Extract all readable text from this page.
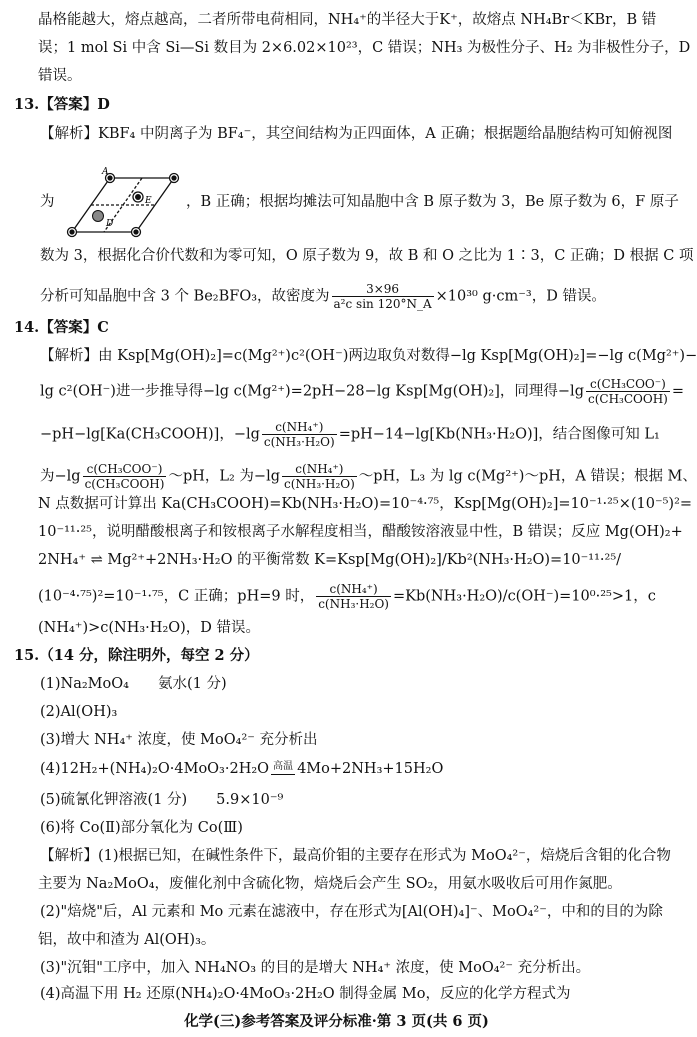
晶格能越大，熔点越高，二者所带电荷相同，NH₄⁺的半径大于K⁺，故熔点 NH₄Br＜KBr，B 错
误；1 mol Si 中含 Si—Si 数目为 2×6.02×10²³，C 错误；NH₃ 为极性分子、H₂ 为非极性分子，D
错误。
13.【答案】D
【解析】KBF₄ 中阴离子为 BF₄⁻，其空间结构为正四面体，A 正确；根据题给晶胞结构可知俯视图
为
A
E
D
，B 正确；根据均摊法可知晶胞中含 B 原子数为 3，Be 原子数为 6，F 原子
数为 3，根据化合价代数和为零可知，O 原子数为 9，故 B 和 O 之比为 1∶3，C 正确；D 根据 C 项
分析可知晶胞中含 3 个 Be₂BFO₃，故密度为 $\frac{3\times 96}{\text{a²c sin 120°N\_A}} \times 10^{30}$ g·cm⁻³，D 错误。
14.【答案】C
【解析】由 Ksp[Mg(OH)₂]=c(Mg²⁺)c²(OH⁻)两边取负对数得−lg Ksp[Mg(OH)₂]=−lg c(Mg²⁺)−
lg c²(OH⁻)进一步推导得−lg c(Mg²⁺)=2pH−28−lg Ksp[Mg(OH)₂]，同理得−lg c(CH₃COO⁻)
c(CH₃COOH) =
−pH−lg[Ka(CH₃COOH)]，$-\lg \frac{\text{c(NH₄⁺)}}{\text{c(NH₃·H₂O)}} =pH-14-\lg[Kb(NH_3\cdot H_2O)]$，结合图像可知 L₁
为−lg c(CH₃COO⁻)
c(CH₃COOH) ～pH，L₂ 为$-\lg \frac{\text{c(NH₄⁺)}}{\text{c(NH₃·H₂O)}}$ ～pH，L₃ 为 lg c(Mg²⁺)～pH，A 错误；根据 M、
N 点数据可计算出 Ka(CH₃COOH)=Kb(NH₃·H₂O)=10⁻⁴·⁷⁵，Ksp[Mg(OH)₂]=10⁻¹·²⁵×(10⁻⁵)²=
10⁻¹¹·²⁵，说明醋酸根离子和铵根离子水解程度相当，醋酸铵溶液显中性，B 错误；反应 Mg(OH)₂+
2NH₄⁺ ⇌ Mg²⁺+2NH₃·H₂O 的平衡常数 K=Ksp[Mg(OH)₂]/Kb²(NH₃·H₂O)=10⁻¹¹·²⁵/
(10⁻⁴·⁷⁵)²=10⁻¹·⁷⁵，C 正确；pH=9 时， $\frac{\text{c(NH₄⁺)}}{\text{c(NH₃·H₂O)}} =Kb(NH_3\cdot H_2O)/c(OH^-)=10^0\cdot^{25}>1$，c
(NH₄⁺)>c(NH₃·H₂O)，D 错误。
15.（14 分，除注明外，每空 2 分）
(1)Na₂MoO₄　　氨水(1 分)
(2)Al(OH)₃
(3)增大 NH₄⁺ 浓度，使 MoO₄²⁻ 充分析出
(4)12H₂+(NH₄)₂O·4MoO₃·2H₂O 高温
4Mo+2NH₃+15H₂O
(5)硫氰化钾溶液(1 分)　　5.9×10⁻⁹
(6)将 Co(Ⅱ)部分氧化为 Co(Ⅲ)
【解析】(1)根据已知，在碱性条件下，最高价钼的主要存在形式为 MoO₄²⁻，焙烧后含钼的化合物
主要为 Na₂MoO₄，废催化剂中含硫化物，焙烧后会产生 SO₂，用氨水吸收后可用作氮肥。
(2)"焙烧"后，Al 元素和 Mo 元素在滤液中，存在形式为[Al(OH)₄]⁻、MoO₄²⁻，中和的目的为除
铝，故中和渣为 Al(OH)₃。
(3)"沉钼"工序中，加入 NH₄NO₃ 的目的是增大 NH₄⁺ 浓度，使 MoO₄²⁻ 充分析出。
(4)高温下用 H₂ 还原(NH₄)₂O·4MoO₃·2H₂O 制得金属 Mo，反应的化学方程式为
化学(三)参考答案及评分标准·第 3 页(共 6 页)
